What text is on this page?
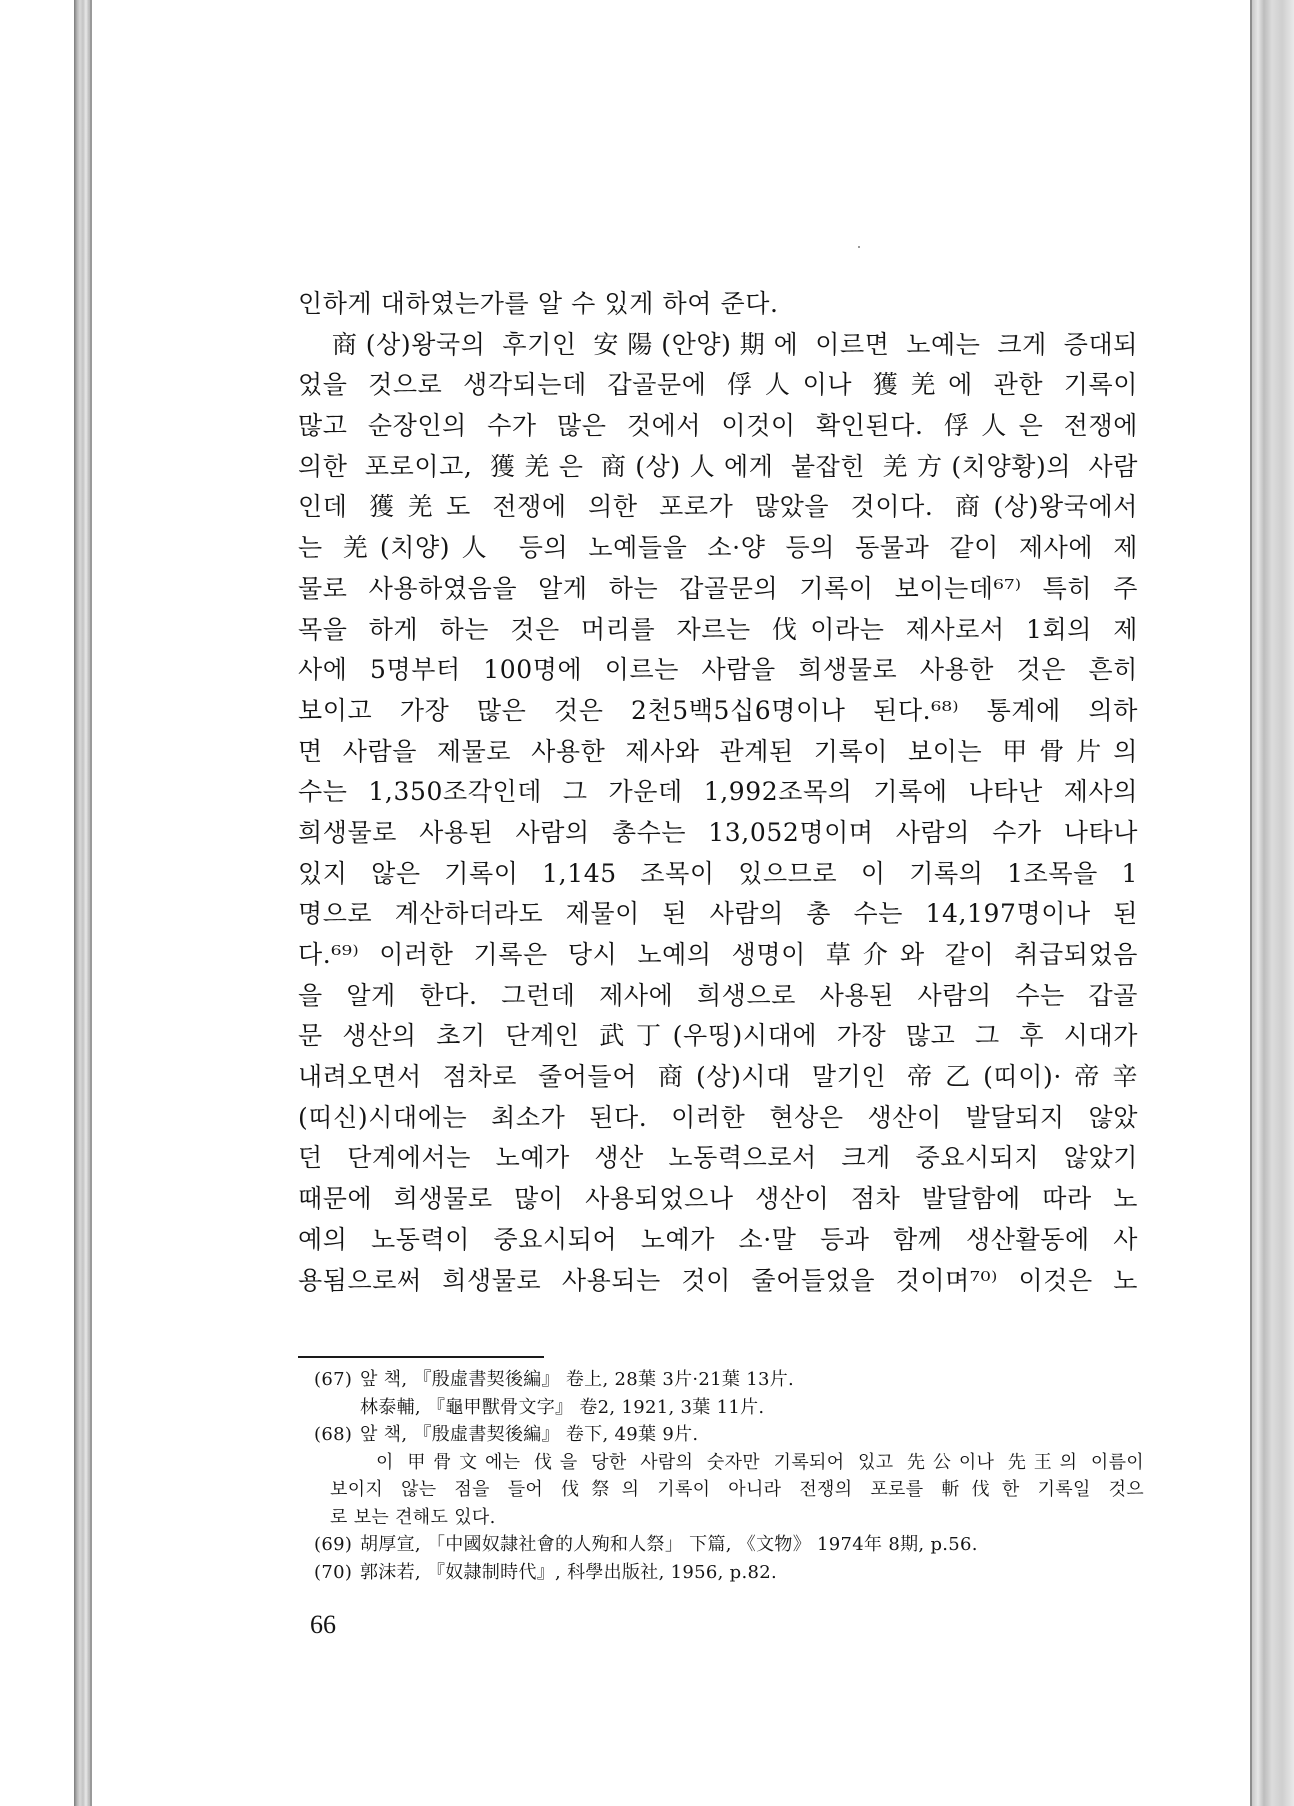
인하게 대하였는가를 알 수 있게 하여 준다.
　商(상)왕국의 후기인 安陽(안양)期에 이르면 노예는 크게 증대되
었을 것으로 생각되는데 갑골문에 俘人이나 獲羌에 관한 기록이
많고 순장인의 수가 많은 것에서 이것이 확인된다. 俘人은 전쟁에
의한 포로이고, 獲羌은 商(상)人에게 붙잡힌 羌方(치양황)의 사람
인데 獲羌도 전쟁에 의한 포로가 많았을 것이다. 商(상)왕국에서
는 羌(치양)人 등의 노예들을 소·양 등의 동물과 같이 제사에 제
물로 사용하였음을 알게 하는 갑골문의 기록이 보이는데⁶⁷⁾ 특히 주
목을 하게 하는 것은 머리를 자르는 伐이라는 제사로서 1회의 제
사에 5명부터 100명에 이르는 사람을 희생물로 사용한 것은 흔히
보이고 가장 많은 것은 2천5백5십6명이나 된다.⁶⁸⁾ 통계에 의하
면 사람을 제물로 사용한 제사와 관계된 기록이 보이는 甲骨片의
수는 1,350조각인데 그 가운데 1,992조목의 기록에 나타난 제사의
희생물로 사용된 사람의 총수는 13,052명이며 사람의 수가 나타나
있지 않은 기록이 1,145 조목이 있으므로 이 기록의 1조목을 1
명으로 계산하더라도 제물이 된 사람의 총 수는 14,197명이나 된
다.⁶⁹⁾ 이러한 기록은 당시 노예의 생명이 草介와 같이 취급되었음
을 알게 한다. 그런데 제사에 희생으로 사용된 사람의 수는 갑골
문 생산의 초기 단계인 武丁(우띵)시대에 가장 많고 그 후 시대가
내려오면서 점차로 줄어들어 商(상)시대 말기인 帝乙(띠이)·帝辛
(띠신)시대에는 최소가 된다. 이러한 현상은 생산이 발달되지 않았
던 단계에서는 노예가 생산 노동력으로서 크게 중요시되지 않았기
때문에 희생물로 많이 사용되었으나 생산이 점차 발달함에 따라 노
예의 노동력이 중요시되어 노예가 소·말 등과 함께 생산활동에 사
용됨으로써 희생물로 사용되는 것이 줄어들었을 것이며⁷⁰⁾ 이것은 노
(67) 앞 책, 『殷虛書契後編』 卷上, 28葉 3片·21葉 13片.
林泰輔, 『龜甲獸骨文字』 卷2, 1921, 3葉 11片.
(68) 앞 책, 『殷虛書契後編』 卷下, 49葉 9片.
이 甲骨文에는 伐을 당한 사람의 숫자만 기록되어 있고 先公이나 先王의 이름이
보이지 않는 점을 들어 伐祭의 기록이 아니라 전쟁의 포로를 斬伐한 기록일 것으
로 보는 견해도 있다.
(69) 胡厚宣, 「中國奴隷社會的人殉和人祭」 下篇, 《文物》 1974年 8期, p.56.
(70) 郭沫若, 『奴隷制時代』, 科學出版社, 1956, p.82.
66
